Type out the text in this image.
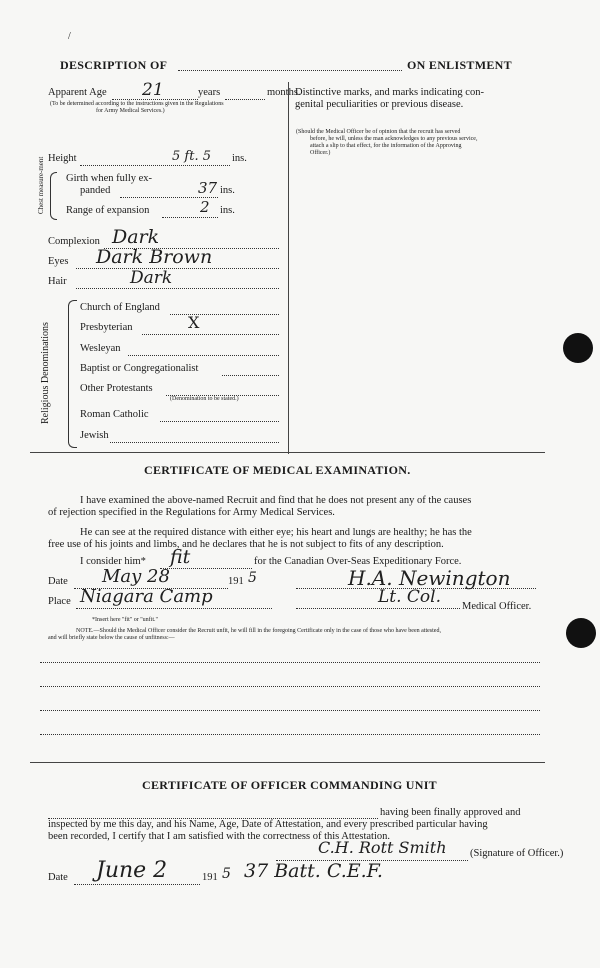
/
DESCRIPTION OF	ON ENLISTMENT
Apparent Age 21	years	months.
(To be determined according to the instructions given in the Regulations
for Army Medical Services.)
Distinctive marks, and marks indicating con-
genital peculiarities or previous disease.
(Should the Medical Officer be of opinion that the recruit has served
before, he will, unless the man acknowledges to any previous service,
attach a slip to that effect, for the information of the Approving
Officer.)
Height	5 ft. 5 ins.
Chest measure-ment Girth when fully ex-
panded	37 ins.
Range of expansion	2 ins.
Complexion Dark
Eyes Dark Brown
Hair	Dark
Religious Denominations
Church of England
Presbyterian	X
Wesleyan
Baptist or Congregationalist
Other Protestants
(Denomination to be stated.)
Roman Catholic
Jewish
CERTIFICATE OF MEDICAL EXAMINATION.
I have examined the above-named Recruit and find that he does not present any of the causes
of rejection specified in the Regulations for Army Medical Services.
He can see at the required distance with either eye; his heart and lungs are healthy; he has the
free use of his joints and limbs, and he declares that he is not subject to fits of any description.
I consider him* fit	for the Canadian Over-Seas Expeditionary Force.
Date May 28	191 5	H.A. Newington
Place Niagara Camp	Lt. Col. Medical Officer.
*Insert here "fit" or "unfit."
NOTE.—Should the Medical Officer consider the Recruit unfit, he will fill in the foregoing Certificate only in the case of those who have been attested,
and will briefly state below the cause of unfitness:—
CERTIFICATE OF OFFICER COMMANDING UNIT
having been finally approved and
inspected by me this day, and his Name, Age, Date of Attestation, and every prescribed particular having
been recorded, I certify that I am satisfied with the correctness of this Attestation.
C.H. Rott Smith (Signature of Officer.)
Date June 2	191 5 37 Batt. C.E.F.
